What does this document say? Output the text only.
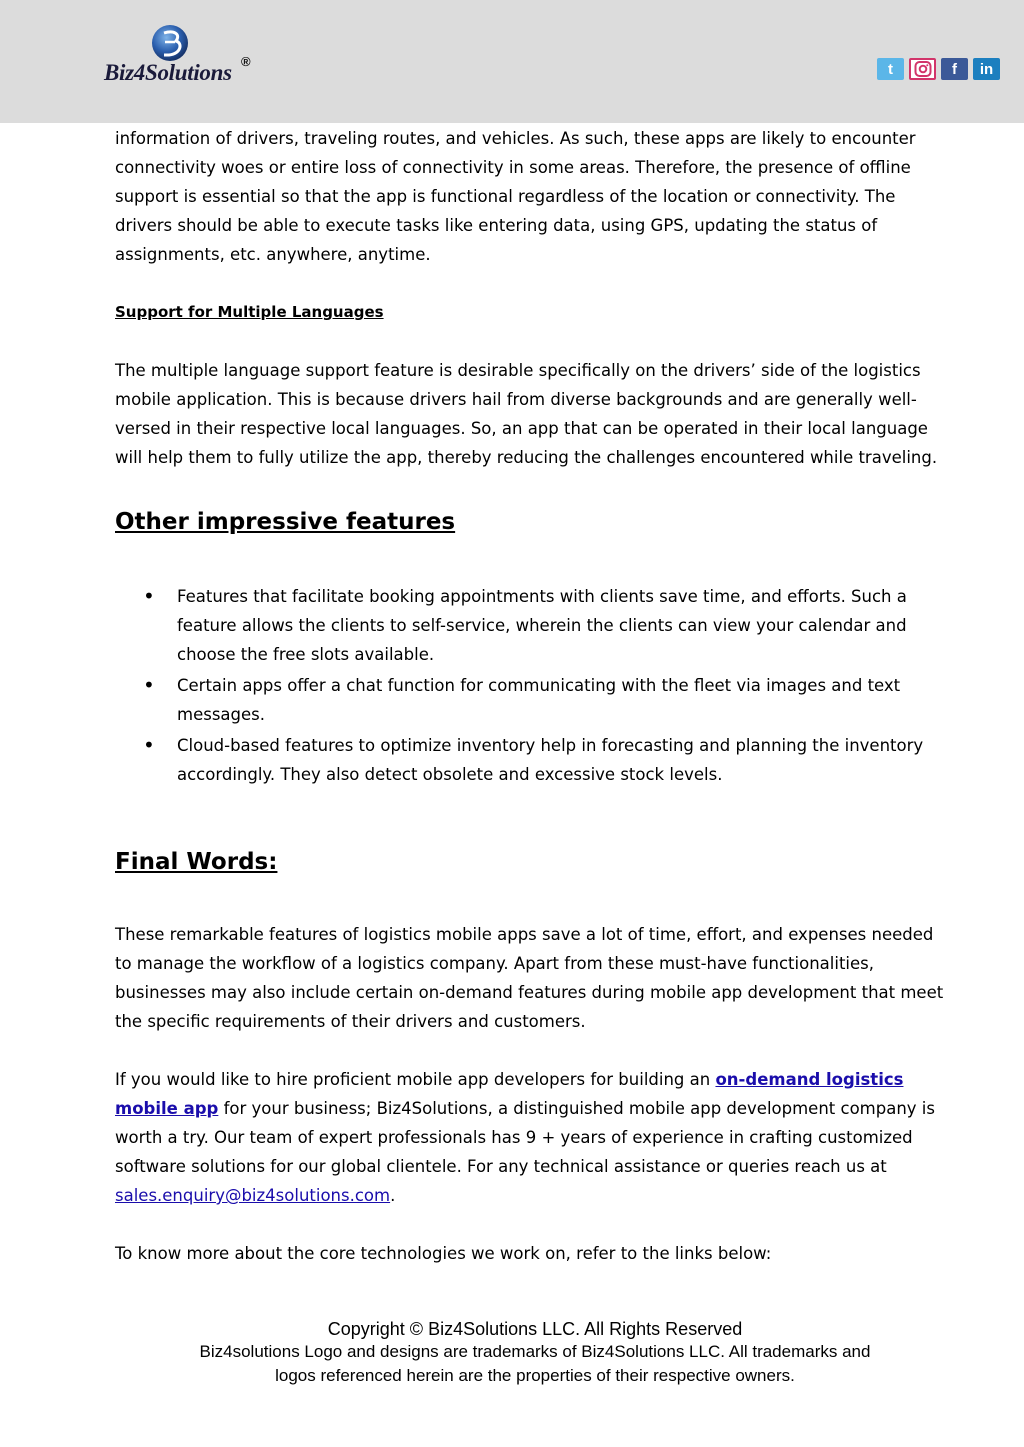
Biz4Solutions ®	t	f	in

information of drivers, traveling routes, and vehicles. As such, these apps are likely to encounter connectivity woes or entire loss of connectivity in some areas. Therefore, the presence of offline support is essential so that the app is functional regardless of the location or connectivity. The drivers should be able to execute tasks like entering data, using GPS, updating the status of assignments, etc. anywhere, anytime.

Support for Multiple Languages

The multiple language support feature is desirable specifically on the drivers’ side of the logistics mobile application. This is because drivers hail from diverse backgrounds and are generally well-versed in their respective local languages. So, an app that can be operated in their local language will help them to fully utilize the app, thereby reducing the challenges encountered while traveling.

Other impressive features

• Features that facilitate booking appointments with clients save time, and efforts. Such a feature allows the clients to self-service, wherein the clients can view your calendar and choose the free slots available.
• Certain apps offer a chat function for communicating with the fleet via images and text messages.
• Cloud-based features to optimize inventory help in forecasting and planning the inventory accordingly. They also detect obsolete and excessive stock levels.

Final Words:

These remarkable features of logistics mobile apps save a lot of time, effort, and expenses needed to manage the workflow of a logistics company. Apart from these must-have functionalities, businesses may also include certain on-demand features during mobile app development that meet the specific requirements of their drivers and customers.

If you would like to hire proficient mobile app developers for building an on-demand logistics mobile app for your business; Biz4Solutions, a distinguished mobile app development company is worth a try. Our team of expert professionals has 9 + years of experience in crafting customized software solutions for our global clientele. For any technical assistance or queries reach us at sales.enquiry@biz4solutions.com.

To know more about the core technologies we work on, refer to the links below:

Copyright © Biz4Solutions LLC. All Rights Reserved
Biz4solutions Logo and designs are trademarks of Biz4Solutions LLC. All trademarks and
logos referenced herein are the properties of their respective owners.
